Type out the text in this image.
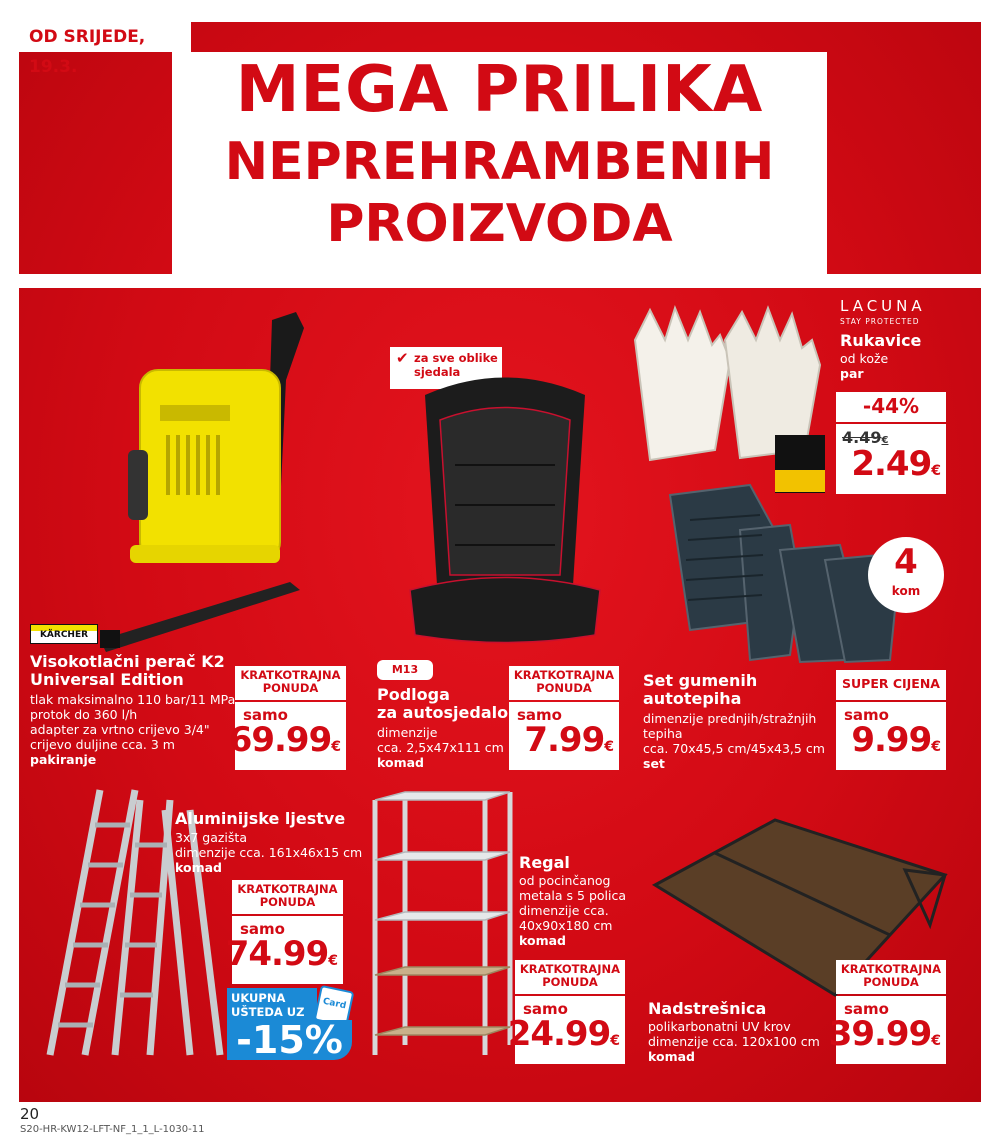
OD SRIJEDE, 19.3.	MEGA PRILIKA
NEPREHRAMBENIH
PROIZVODA
KÄRCHER
Visokotlačni perač K2
Universal Edition
tlak maksimalno 110 bar/11 MPa
protok do 360 l/h
adapter za vrtno crijevo 3/4"
crijevo duljine cca. 3 m
pakiranje
KRATKOTRAJNA
PONUDA
samo
69.99€
✔ za sve oblike
sjedala
M13
Podloga
za autosjedalo
dimenzije
cca. 2,5x47x111 cm
komad
KRATKOTRAJNA
PONUDA
samo
7.99€
LACUNA
STAY PROTECTED
Rukavice
od kože
par
-44%
4.49€
2.49€
4
kom
Set gumenih
autotepiha
dimenzije prednjih/stražnjih
tepiha
cca. 70x45,5 cm/45x43,5 cm
set
SUPER CIJENA
samo
9.99€
Aluminijske ljestve
3x7 gazišta
dimenzije cca. 161x46x15 cm
komad
KRATKOTRAJNA
PONUDA
samo
74.99€
UKUPNA
UŠTEDA UZ
Card
-15%
Regal
od pocinčanog
metala s 5 polica
dimenzije cca.
40x90x180 cm
komad
KRATKOTRAJNA
PONUDA
samo
24.99€
Nadstrešnica
polikarbonatni UV krov
dimenzije cca. 120x100 cm
komad
KRATKOTRAJNA
PONUDA
samo
39.99€
20
S20-HR-KW12-LFT-NF_1_1_L-1030-11
